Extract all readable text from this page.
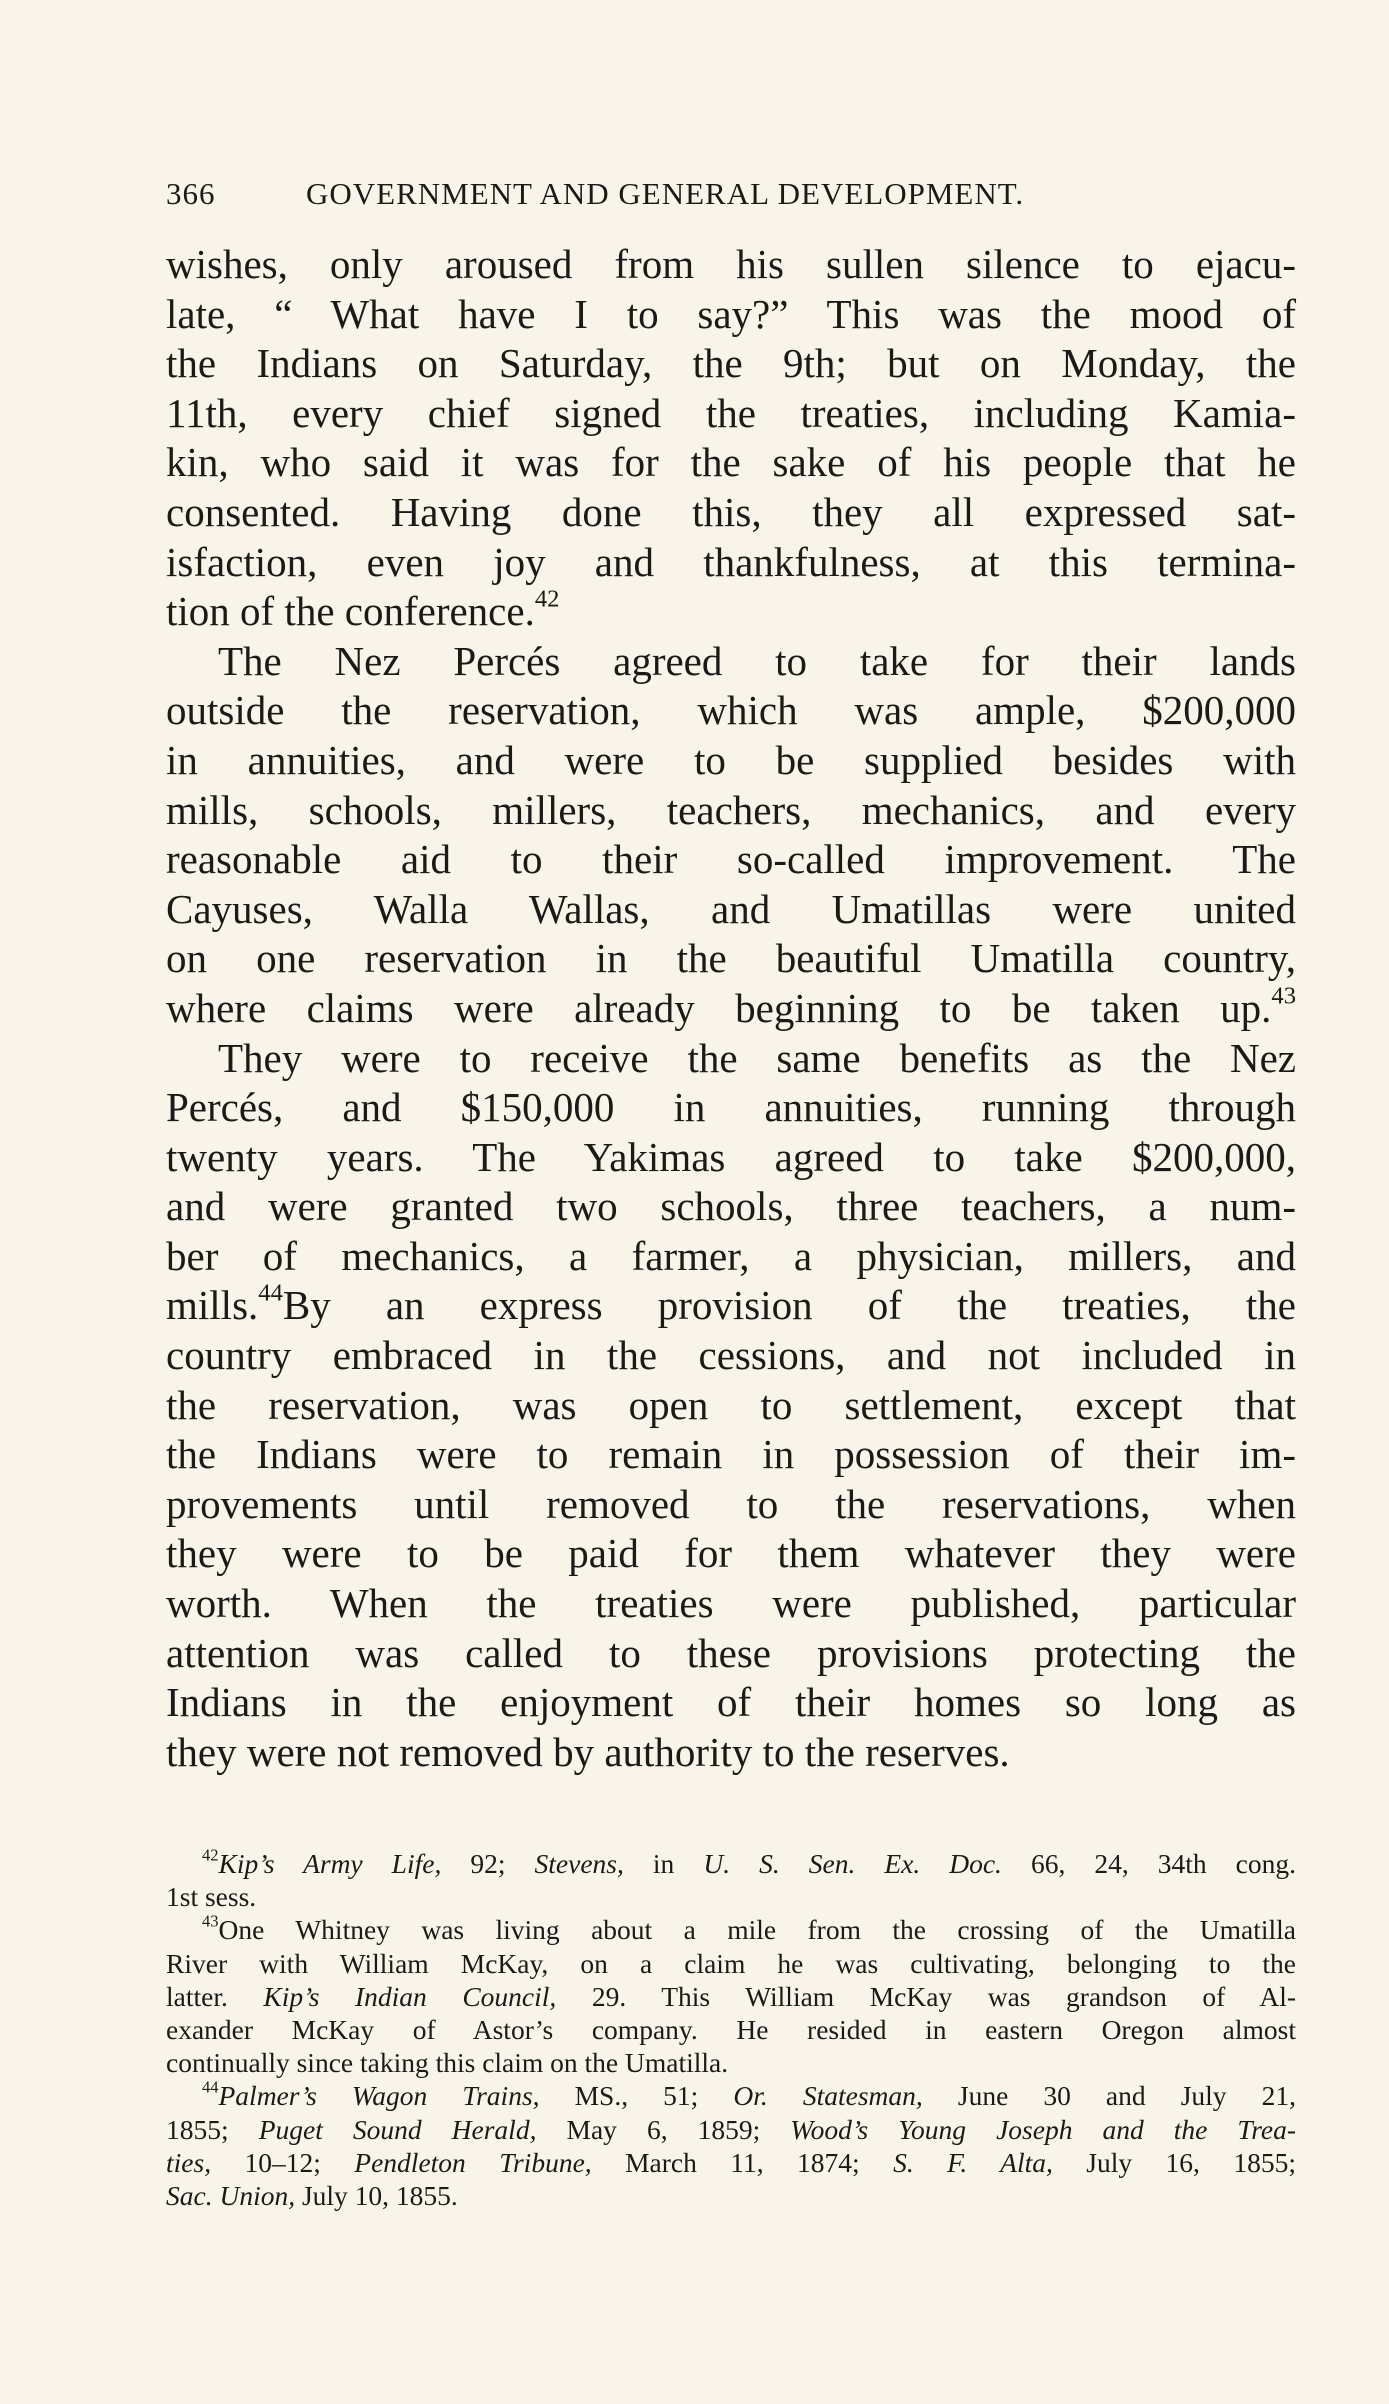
366	GOVERNMENT AND GENERAL DEVELOPMENT.
wishes, only aroused from his sullen silence to ejacu-
late, “ What have I to say?” This was the mood of
the Indians on Saturday, the 9th; but on Monday, the
11th, every chief signed the treaties, including Kamia-
kin, who said it was for the sake of his people that he
consented. Having done this, they all expressed sat-
isfaction, even joy and thankfulness, at this termina-
tion of the conference.$^{42}$
The Nez Percés agreed to take for their lands
outside the reservation, which was ample, $200,000
in annuities, and were to be supplied besides with
mills, schools, millers, teachers, mechanics, and every
reasonable aid to their so-called improvement. The
Cayuses, Walla Wallas, and Umatillas were united
on one reservation in the beautiful Umatilla country,
where claims were already beginning to be taken up.$^{43}$
They were to receive the same benefits as the Nez
Percés, and $150,000 in annuities, running through
twenty years. The Yakimas agreed to take $200,000,
and were granted two schools, three teachers, a num-
ber of mechanics, a farmer, a physician, millers, and
mills.$^{44}$By an express provision of the treaties, the
country embraced in the cessions, and not included in
the reservation, was open to settlement, except that
the Indians were to remain in possession of their im-
provements until removed to the reservations, when
they were to be paid for them whatever they were
worth. When the treaties were published, particular
attention was called to these provisions protecting the
Indians in the enjoyment of their homes so long as
they were not removed by authority to the reserves.
$^{42}$Kip’s Army Life, 92; Stevens, in U. S. Sen. Ex. Doc. 66, 24, 34th cong.
1st sess.
$^{43}$One Whitney was living about a mile from the crossing of the Umatilla
River with William McKay, on a claim he was cultivating, belonging to the
latter. Kip’s Indian Council, 29. This William McKay was grandson of Al-
exander McKay of Astor’s company. He resided in eastern Oregon almost
continually since taking this claim on the Umatilla.
$^{44}$Palmer’s Wagon Trains, MS., 51; Or. Statesman, June 30 and July 21,
1855; Puget Sound Herald, May 6, 1859; Wood’s Young Joseph and the Trea-
ties, 10–12; Pendleton Tribune, March 11, 1874; S. F. Alta, July 16, 1855;
Sac. Union, July 10, 1855.
